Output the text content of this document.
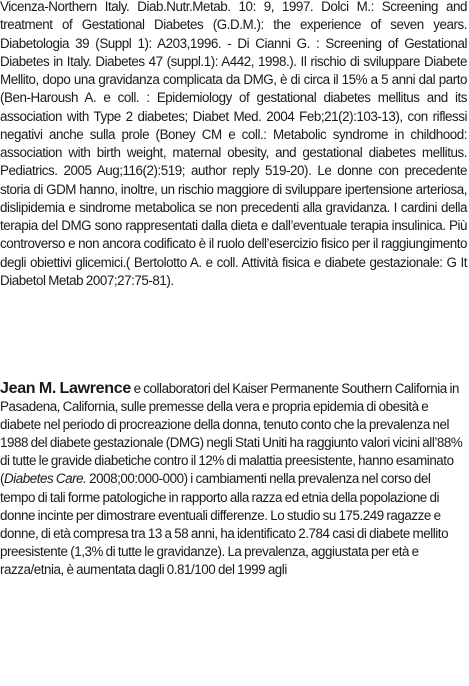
Vicenza-Northern Italy. Diab.Nutr.Metab. 10: 9, 1997. Dolci M.: Screening and treatment of Gestational Diabetes (G.D.M.): the experience of seven years. Diabetologia 39 (Suppl 1): A203,1996. - Di Cianni G. : Screening of Gestational Diabetes in Italy. Diabetes 47 (suppl.1): A442, 1998.). Il rischio di sviluppare Diabete Mellito, dopo una gravidanza complicata da DMG, è di circa il 15% a 5 anni dal parto (Ben-Haroush A. e coll. : Epidemiology of gestational diabetes mellitus and its association with Type 2 diabetes; Diabet Med. 2004 Feb;21(2):103-13), con riflessi negativi anche sulla prole (Boney CM e coll.: Metabolic syndrome in childhood: association with birth weight, maternal obesity, and gestational diabetes mellitus. Pediatrics. 2005 Aug;116(2):519; author reply 519-20). Le donne con precedente storia di GDM hanno, inoltre, un rischio maggiore di sviluppare ipertensione arteriosa, dislipidemia e sindrome metabolica se non precedenti alla gravidanza. I cardini della terapia del DMG sono rappresentati dalla dieta e dall’eventuale terapia insulinica. Più controverso e non ancora codificato è il ruolo dell’esercizio fisico per il raggiungimento degli obiettivi glicemici.( Bertolotto A. e coll. Attività fisica e diabete gestazionale: G It Diabetol Metab 2007;27:75-81).

Jean M. Lawrence e collaboratori del Kaiser Permanente Southern California in Pasadena, California, sulle premesse della vera e propria epidemia di obesità e diabete nel periodo di procreazione della donna, tenuto conto che la prevalenza nel 1988 del diabete gestazionale (DMG) negli Stati Uniti ha raggiunto valori vicini all’88% di tutte le gravide diabetiche contro il 12% di malattia preesistente, hanno esaminato (Diabetes Care. 2008;00:000-000) i cambiamenti nella prevalenza nel corso del tempo di tali forme patologiche in rapporto alla razza ed etnia della popolazione di donne incinte per dimostrare eventuali differenze. Lo studio su 175.249 ragazze e donne, di età compresa tra 13 a 58 anni, ha identificato 2.784 casi di diabete mellito preesistente (1,3% di tutte le gravidanze). La prevalenza, aggiustata per età e razza/etnia, è aumentata dagli 0.81/100 del 1999 agli
